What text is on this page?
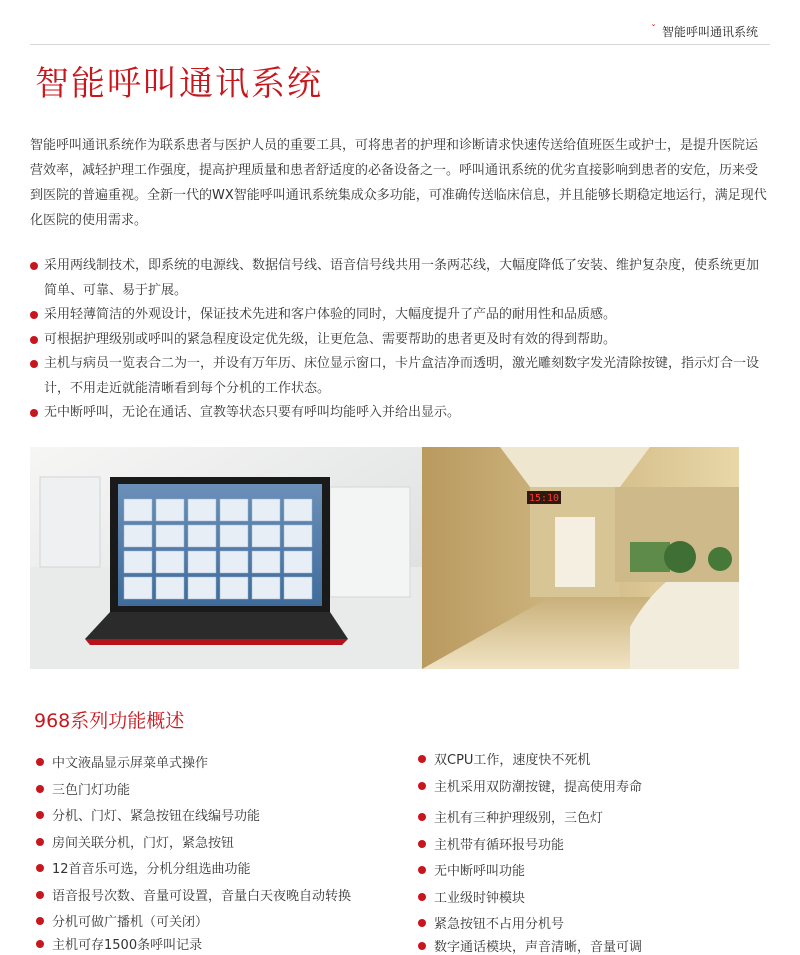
$^ˇ$ 智能呼叫通讯系统
智能呼叫通讯系统

智能呼叫通讯系统作为联系患者与医护人员的重要工具，可将患者的护理和诊断请求快速传送给值班医生或护士，是提升医院运营效率，减轻护理工作强度，提高护理质量和患者舒适度的必备设备之一。呼叫通讯系统的优劣直接影响到患者的安危，历来受到医院的普遍重视。全新一代的WX智能呼叫通讯系统集成众多功能，可准确传送临床信息，并且能够长期稳定地运行，满足现代化医院的使用需求。

采用两线制技术，即系统的电源线、数据信号线、语音信号线共用一条两芯线，大幅度降低了安装、维护复杂度，使系统更加简单、可靠、易于扩展。
采用轻薄简洁的外观设计，保证技术先进和客户体验的同时，大幅度提升了产品的耐用性和品质感。
可根据护理级别或呼叫的紧急程度设定优先级，让更危急、需要帮助的患者更及时有效的得到帮助。
主机与病员一览表合二为一，并设有万年历、床位显示窗口，卡片盒洁净而透明，激光雕刻数字发光清除按键，指示灯合一设计，不用走近就能清晰看到每个分机的工作状态。
无中断呼叫，无论在通话、宣教等状态只要有呼叫均能呼入并给出显示。
15:10
968系列功能概述
中文液晶显示屏菜单式操作
三色门灯功能
分机、门灯、紧急按钮在线编号功能
房间关联分机，门灯，紧急按钮
12首音乐可选，分机分组选曲功能
语音报号次数、音量可设置，音量白天夜晚自动转换
分机可做广播机（可关闭）
主机可存1500条呼叫记录
双CPU工作，速度快不死机
主机采用双防潮按键，提高使用寿命
主机有三种护理级别，三色灯
主机带有循环报号功能
无中断呼叫功能
工业级时钟模块
紧急按钮不占用分机号
数字通话模块，声音清晰，音量可调
